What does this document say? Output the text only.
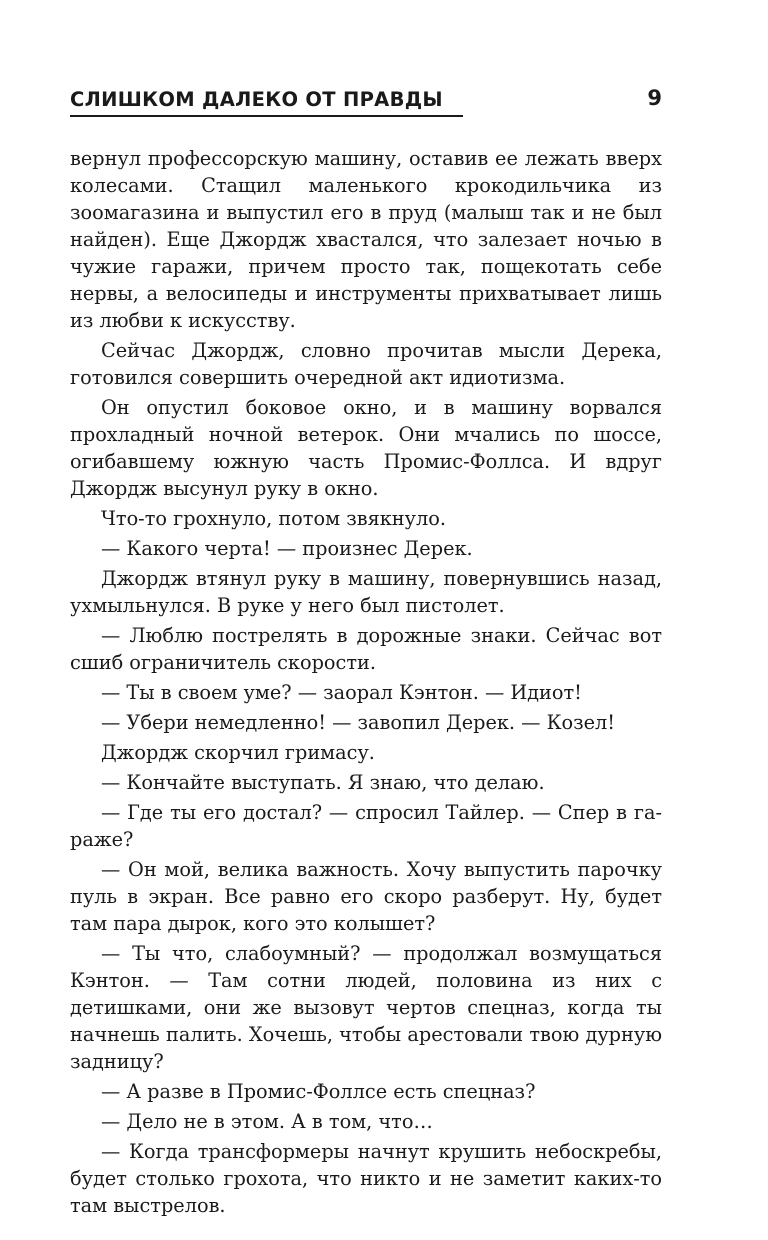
СЛИШКОМ ДАЛЕКО ОТ ПРАВДЫ	9

вернул профессорскую машину, оставив ее лежать вверх колесами. Стащил маленького крокодильчика из зоомагазина и выпустил его в пруд (малыш так и не был найден). Еще Джордж хвастался, что залезает ночью в чужие гаражи, причем просто так, пощекотать себе нервы, а велосипеды и инструменты прихватывает лишь из любви к искусству.

Сейчас Джордж, словно прочитав мысли Дерека, готовился совершить очередной акт идиотизма.

Он опустил боковое окно, и в машину ворвался прохладный ночной ветерок. Они мчались по шоссе, огибавшему южную часть Промис-Фоллса. И вдруг Джордж высунул руку в окно.

Что-то грохнуло, потом звякнуло.

— Какого черта! — произнес Дерек.

Джордж втянул руку в машину, повернувшись назад, ухмыльнулся. В руке у него был пистолет.

— Люблю пострелять в дорожные знаки. Сейчас вот сшиб ограничитель скорости.

— Ты в своем уме? — заорал Кэнтон. — Идиот!

— Убери немедленно! — завопил Дерек. — Козел!

Джордж скорчил гримасу.

— Кончайте выступать. Я знаю, что делаю.

— Где ты его достал? — спросил Тайлер. — Спер в гараже?

— Он мой, велика важность. Хочу выпустить парочку пуль в экран. Все равно его скоро разберут. Ну, будет там пара дырок, кого это колышет?

— Ты что, слабоумный? — продолжал возмущаться Кэнтон. — Там сотни людей, половина из них с детишками, они же вызовут чертов спецназ, когда ты начнешь палить. Хочешь, чтобы арестовали твою дурную задницу?

— А разве в Промис-Фоллсе есть спецназ?

— Дело не в этом. А в том, что…

— Когда трансформеры начнут крушить небоскребы, будет столько грохота, что никто и не заметит каких-то там выстрелов.
